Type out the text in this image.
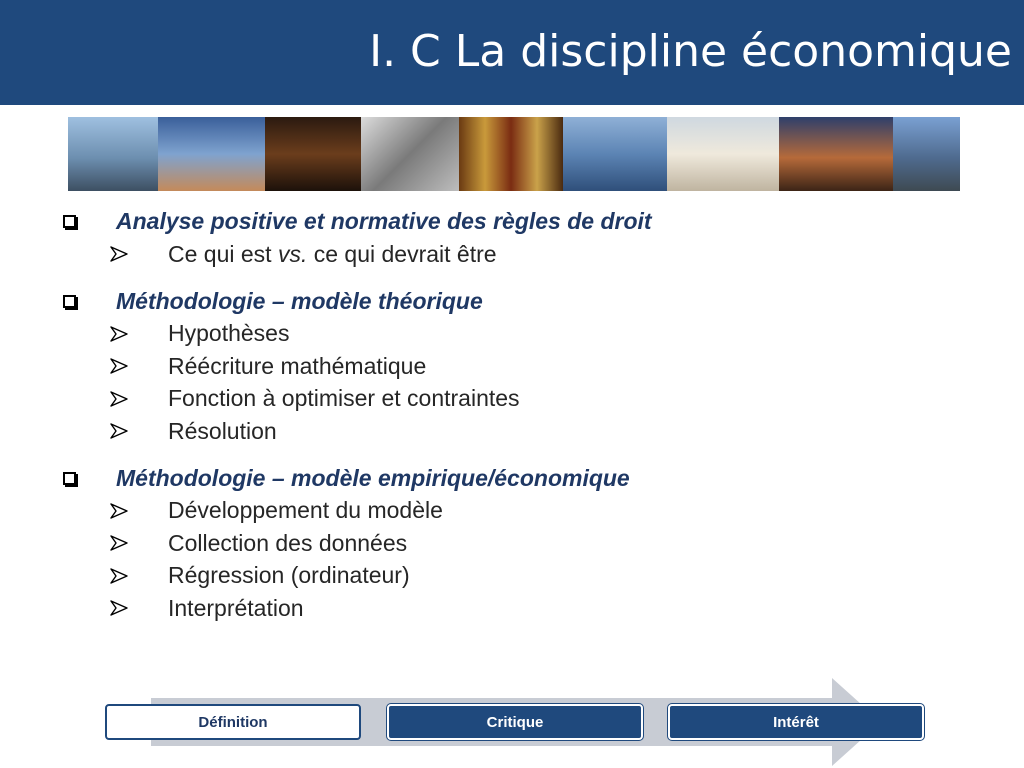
I. C La discipline économique
Analyse positive et normative des règles de droit
Ce qui est vs. ce qui devrait être
Méthodologie – modèle théorique
Hypothèses
Réécriture mathématique
Fonction à optimiser et contraintes
Résolution
Méthodologie – modèle empirique/économique
Développement du modèle
Collection des données
Régression (ordinateur)
Interprétation
Définition	Critique	Intérêt
